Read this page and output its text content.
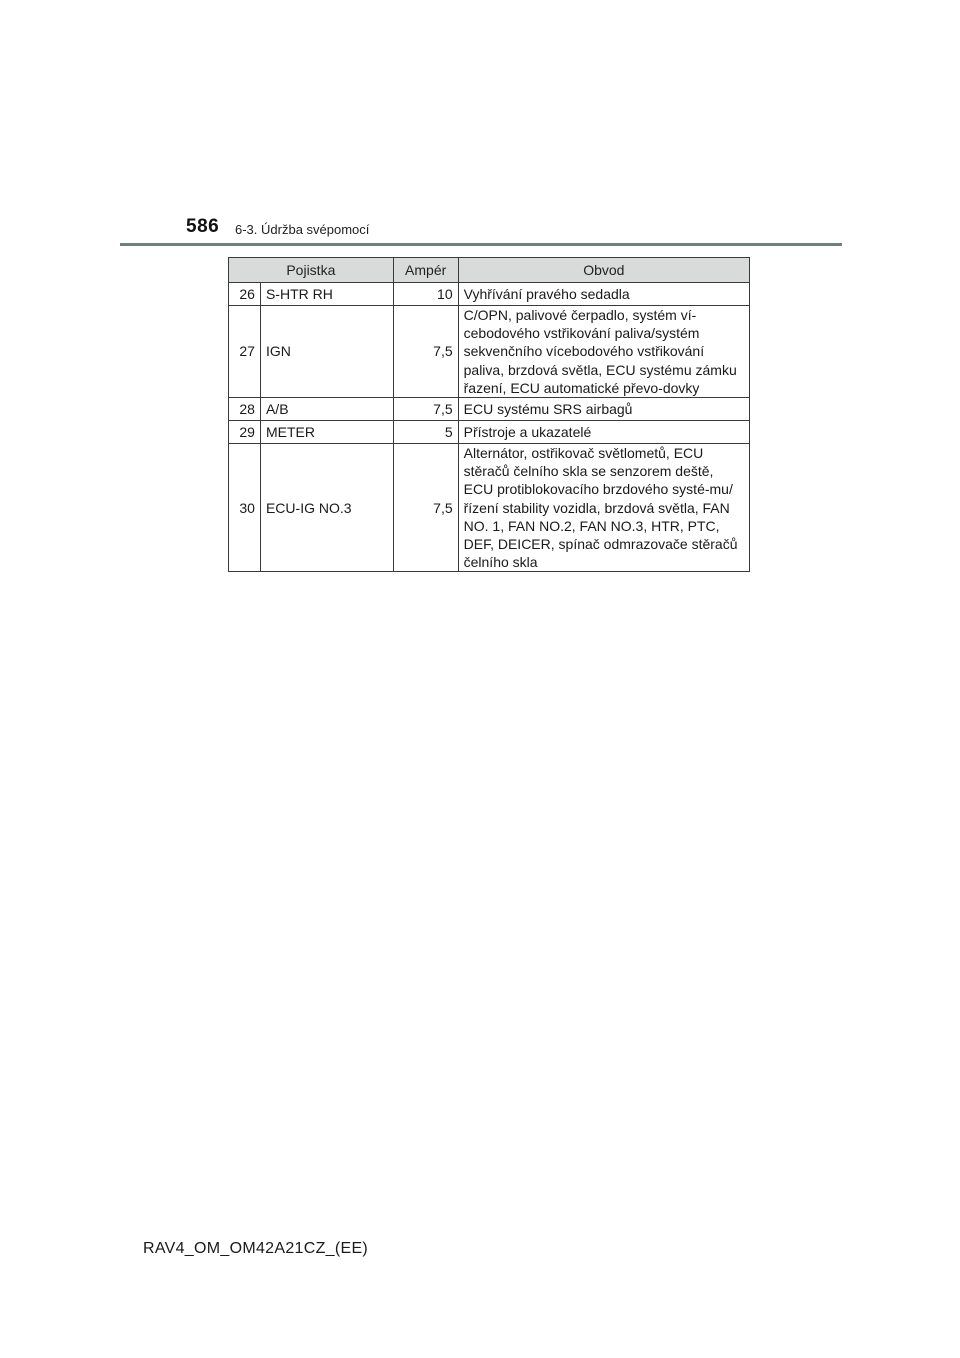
586 6-3. Údržba svépomocí
Pojistka		Ampér	Obvod
26	S-HTR RH	10	Vyhřívání pravého sedadla
27	IGN	7,5	C/OPN, palivové čerpadlo, systém ví-cebodového vstřikování paliva/systém sekvenčního vícebodového vstřikování paliva, brzdová světla, ECU systému zámku řazení, ECU automatické převo-dovky
28	A/B	7,5	ECU systému SRS airbagů
29	METER	5	Přístroje a ukazatelé
30	ECU-IG NO.3	7,5	Alternátor, ostřikovač světlometů, ECU stěračů čelního skla se senzorem deště, ECU protiblokovacího brzdového systé-mu/řízení stability vozidla, brzdová světla, FAN NO. 1, FAN NO.2, FAN NO.3, HTR, PTC, DEF, DEICER, spínač odmrazovače stěračů čelního skla
RAV4_OM_OM42A21CZ_(EE)
